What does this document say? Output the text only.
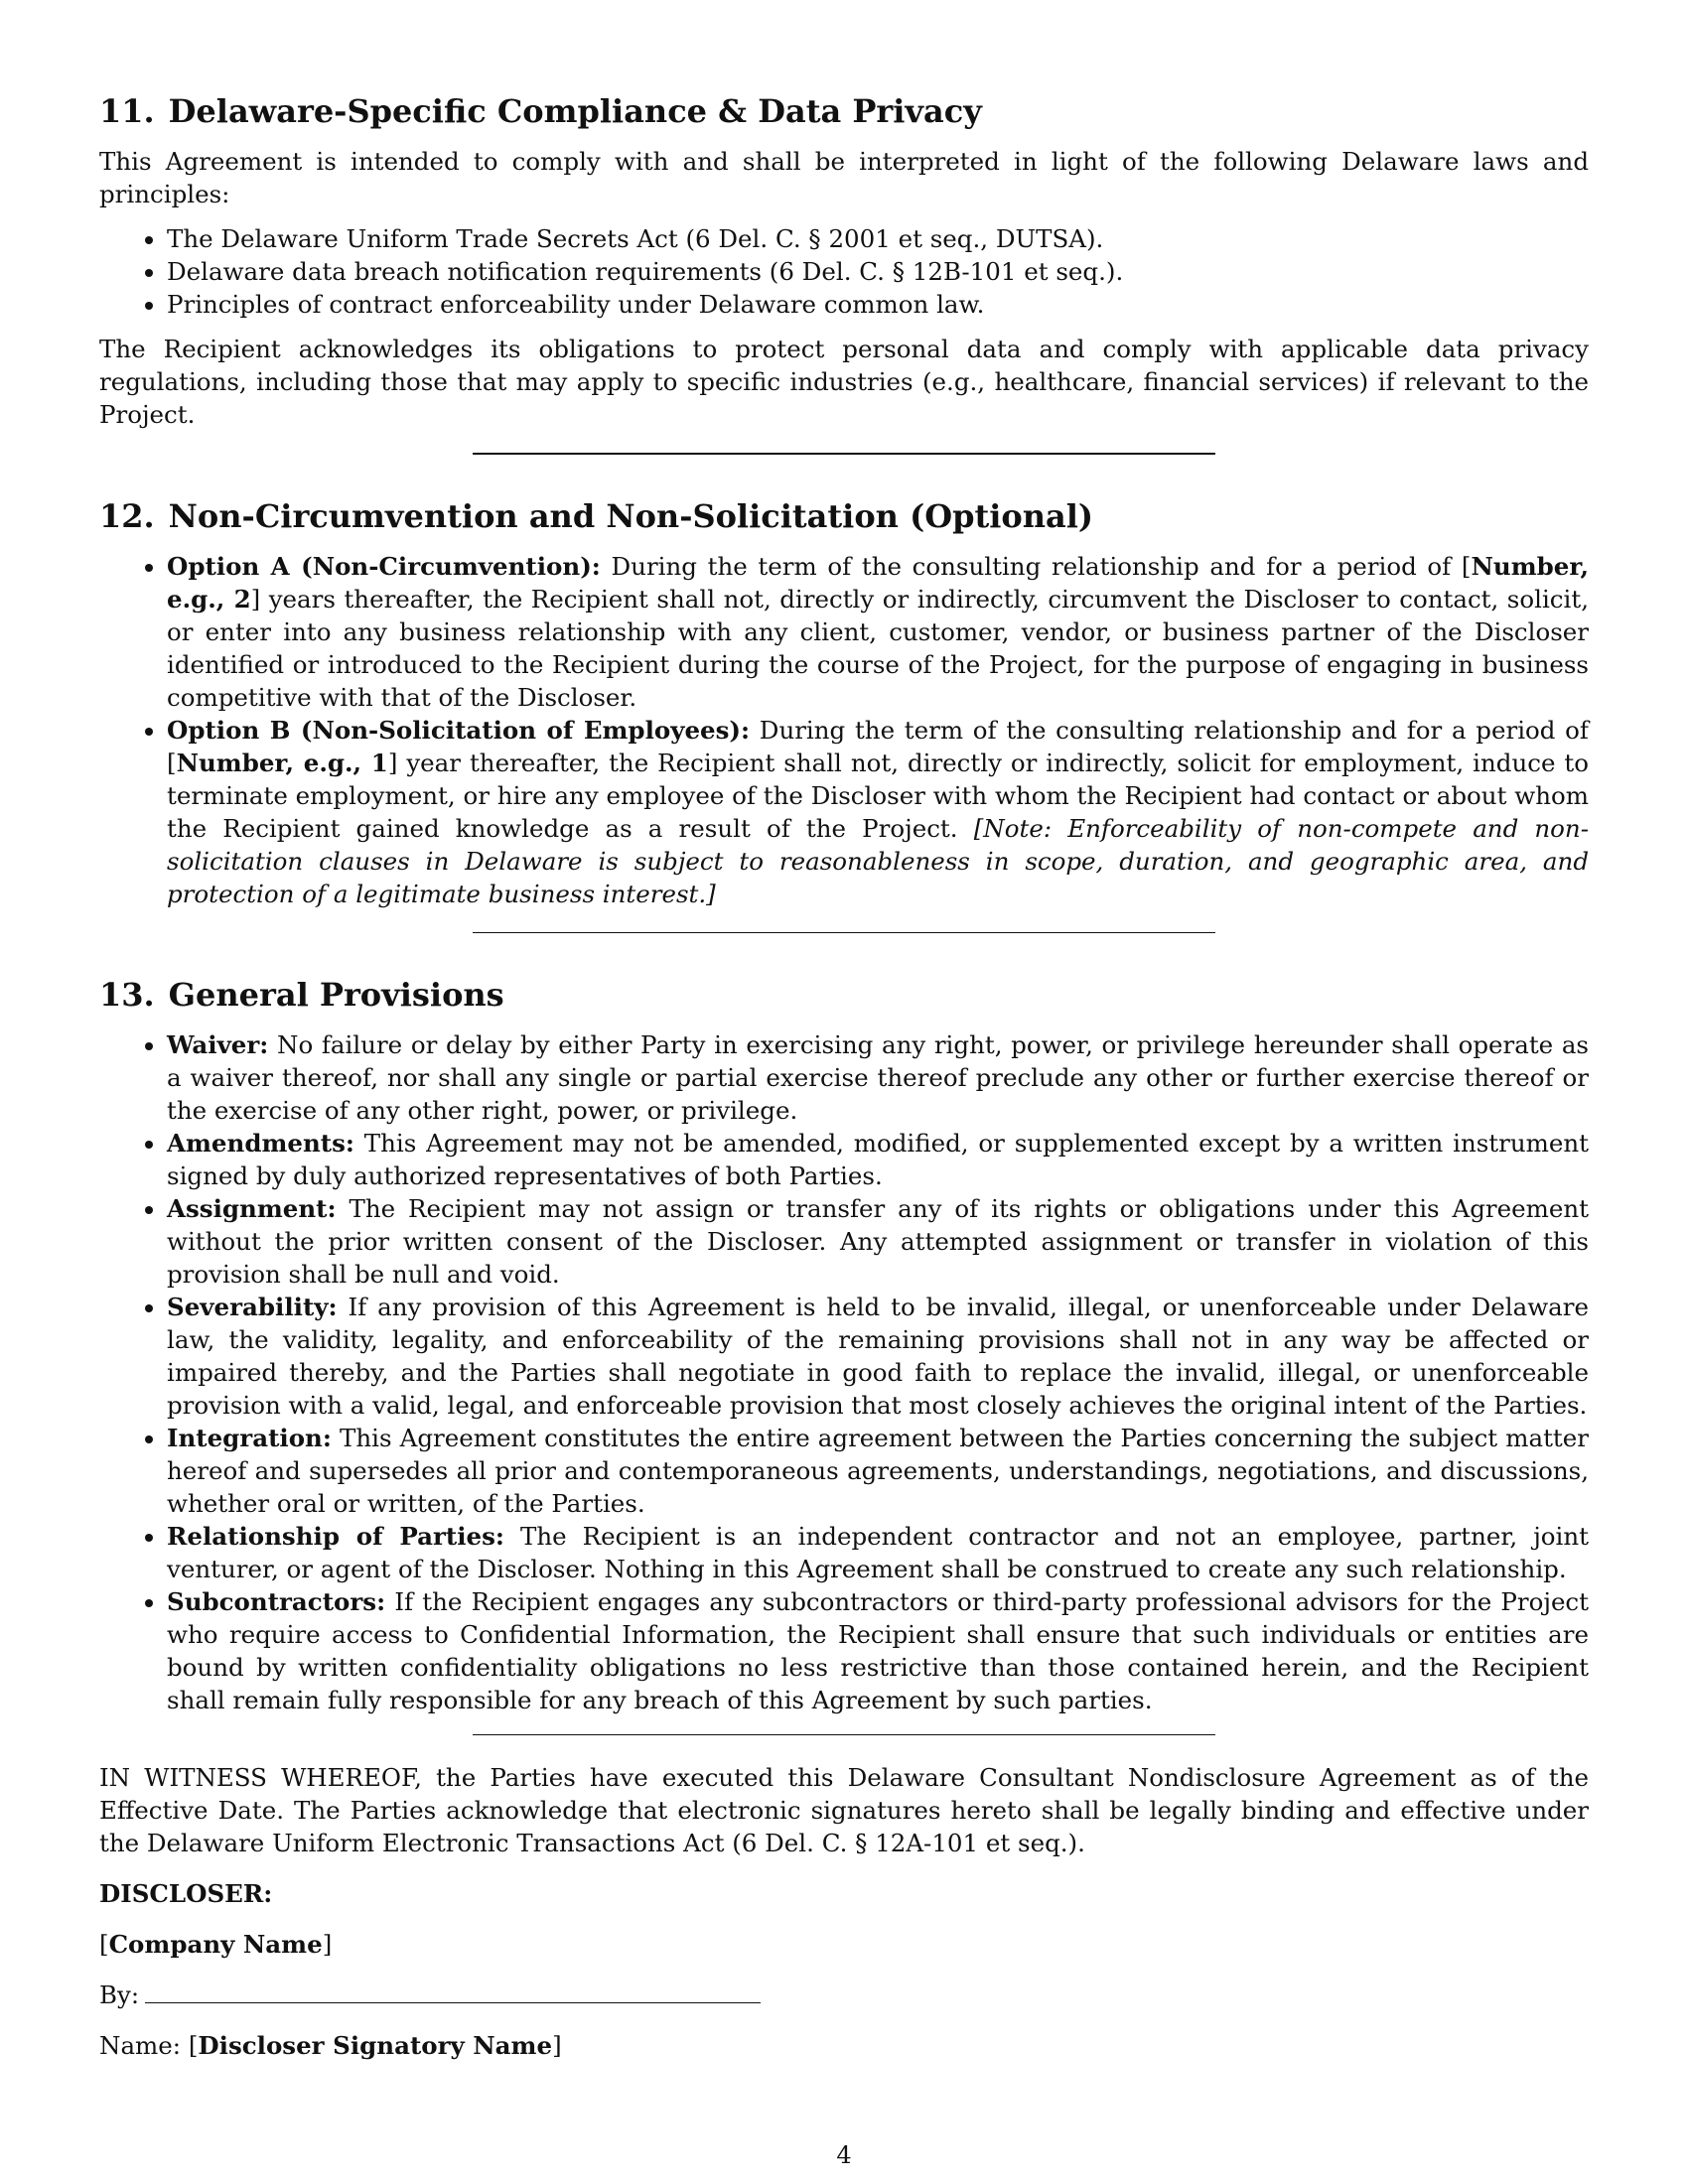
11. Delaware-Specific Compliance & Data Privacy

This Agreement is intended to comply with and shall be interpreted in light of the following Delaware laws and principles:

• The Delaware Uniform Trade Secrets Act (6 Del. C. § 2001 et seq., DUTSA).
• Delaware data breach notification requirements (6 Del. C. § 12B-101 et seq.).
• Principles of contract enforceability under Delaware common law.

The Recipient acknowledges its obligations to protect personal data and comply with applicable data privacy regulations, including those that may apply to specific industries (e.g., healthcare, financial services) if relevant to the Project.

12. Non-Circumvention and Non-Solicitation (Optional)
• Option A (Non-Circumvention): During the term of the consulting relationship and for a period of [Number, e.g., 2] years thereafter, the Recipient shall not, directly or indirectly, circumvent the Discloser to contact, solicit, or enter into any business relationship with any client, customer, vendor, or business partner of the Discloser identified or introduced to the Recipient during the course of the Project, for the purpose of engaging in business competitive with that of the Discloser.
• Option B (Non-Solicitation of Employees): During the term of the consulting relationship and for a period of [Number, e.g., 1] year thereafter, the Recipient shall not, directly or indirectly, solicit for employment, induce to terminate employment, or hire any employee of the Discloser with whom the Recipient had contact or about whom the Recipient gained knowledge as a result of the Project. [Note: Enforceability of non-compete and non-solicitation clauses in Delaware is subject to reasonableness in scope, duration, and geographic area, and protection of a legitimate business interest.]
13. General Provisions
• Waiver: No failure or delay by either Party in exercising any right, power, or privilege hereunder shall operate as a waiver thereof, nor shall any single or partial exercise thereof preclude any other or further exercise thereof or the exercise of any other right, power, or privilege.
• Amendments: This Agreement may not be amended, modified, or supplemented except by a written instrument signed by duly authorized representatives of both Parties.
• Assignment: The Recipient may not assign or transfer any of its rights or obligations under this Agreement without the prior written consent of the Discloser. Any attempted assignment or transfer in violation of this provision shall be null and void.
• Severability: If any provision of this Agreement is held to be invalid, illegal, or unenforceable under Delaware law, the validity, legality, and enforceability of the remaining provisions shall not in any way be affected or impaired thereby, and the Parties shall negotiate in good faith to replace the invalid, illegal, or unenforceable provision with a valid, legal, and enforceable provision that most closely achieves the original intent of the Parties.
• Integration: This Agreement constitutes the entire agreement between the Parties concerning the subject matter hereof and supersedes all prior and contemporaneous agreements, understandings, negotiations, and discussions, whether oral or written, of the Parties.
• Relationship of Parties: The Recipient is an independent contractor and not an employee, partner, joint venturer, or agent of the Discloser. Nothing in this Agreement shall be construed to create any such relationship.
• Subcontractors: If the Recipient engages any subcontractors or third-party professional advisors for the Project who require access to Confidential Information, the Recipient shall ensure that such individuals or entities are bound by written confidentiality obligations no less restrictive than those contained herein, and the Recipient shall remain fully responsible for any breach of this Agreement by such parties.

IN WITNESS WHEREOF, the Parties have executed this Delaware Consultant Nondisclosure Agreement as of the Effective Date. The Parties acknowledge that electronic signatures hereto shall be legally binding and effective under the Delaware Uniform Electronic Transactions Act (6 Del. C. § 12A-101 et seq.).

DISCLOSER:

[Company Name]

By:

Name: [Discloser Signatory Name]

4
